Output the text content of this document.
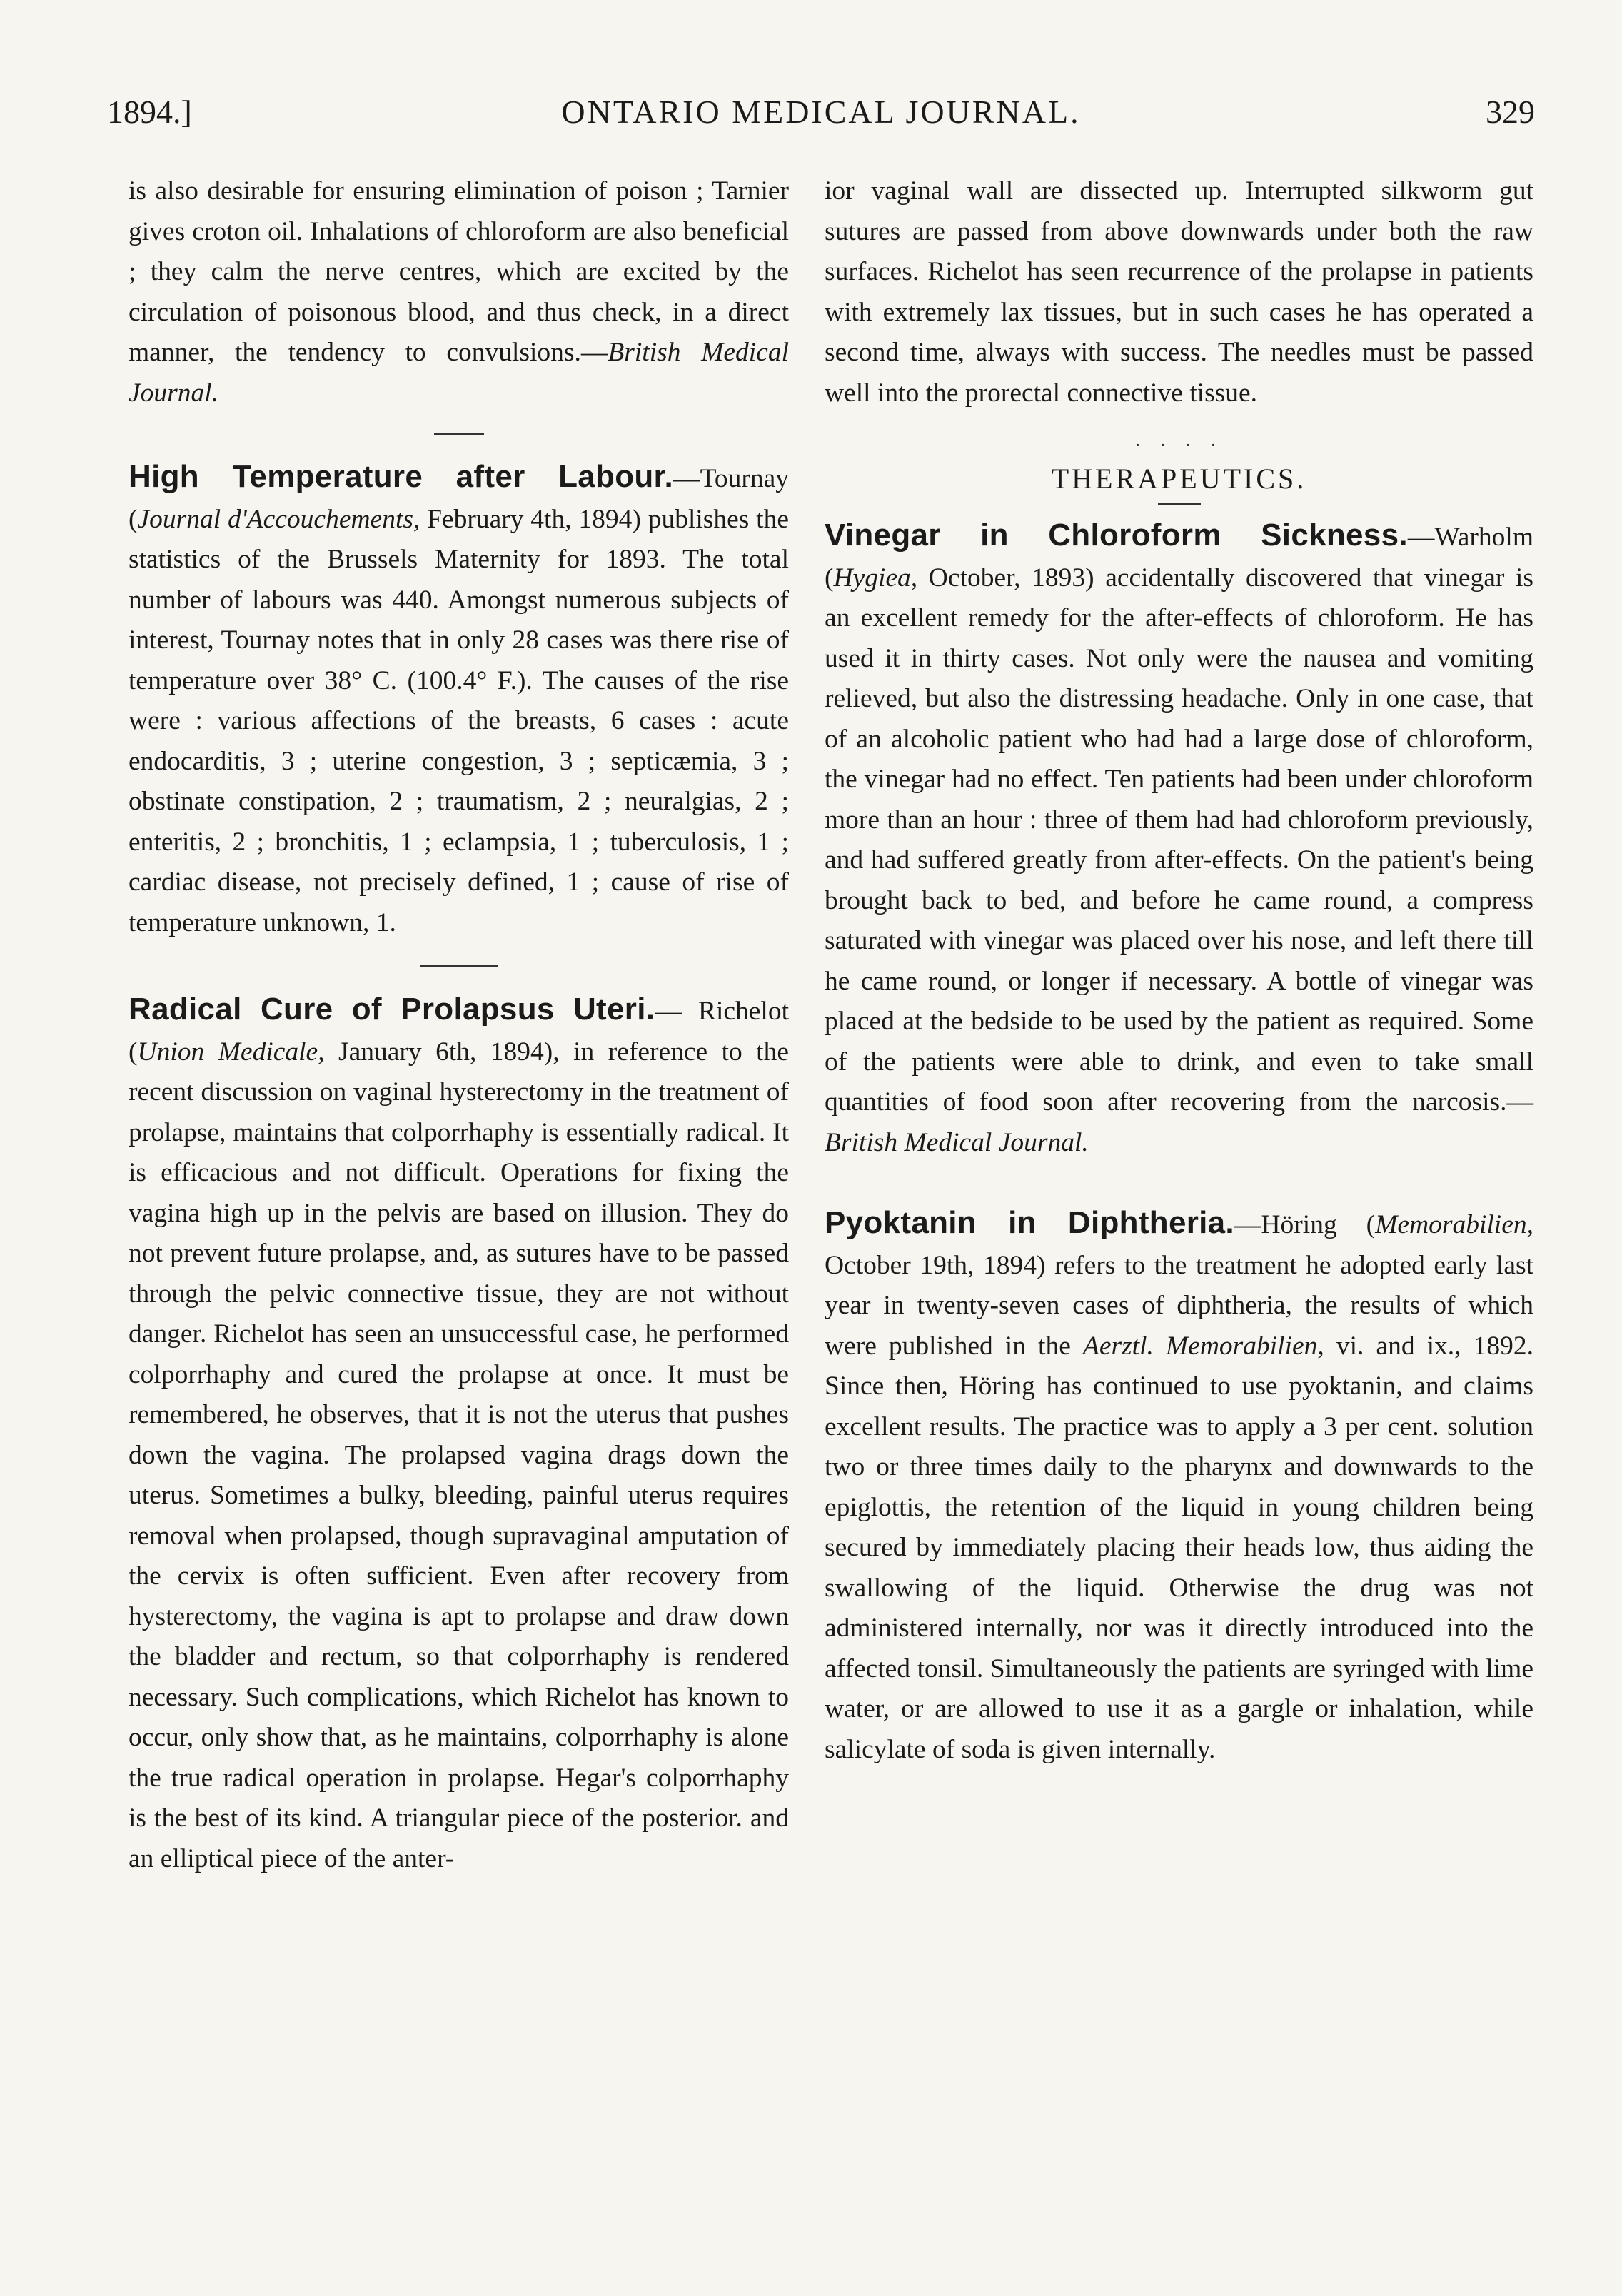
1894.]	ONTARIO MEDICAL JOURNAL.	329

is also desirable for ensuring elimination of poison ; Tarnier gives croton oil. Inhalations of chloroform are also beneficial ; they calm the nerve centres, which are excited by the circulation of poisonous blood, and thus check, in a direct manner, the tendency to convulsions.—British Medical Journal.

High Temperature after Labour.—Tournay (Journal d'Accouchements, February 4th, 1894) publishes the statistics of the Brussels Maternity for 1893. The total number of labours was 440. Amongst numerous subjects of interest, Tournay notes that in only 28 cases was there rise of temperature over 38° C. (100.4° F.). The causes of the rise were : various affections of the breasts, 6 cases : acute endocarditis, 3 ; uterine congestion, 3 ; septicæmia, 3 ; obstinate constipation, 2 ; traumatism, 2 ; neuralgias, 2 ; enteritis, 2 ; bronchitis, 1 ; eclampsia, 1 ; tuberculosis, 1 ; cardiac disease, not precisely defined, 1 ; cause of rise of temperature unknown, 1.

Radical Cure of Prolapsus Uteri.— Richelot (Union Medicale, January 6th, 1894), in reference to the recent discussion on vaginal hysterectomy in the treatment of prolapse, maintains that colporrhaphy is essentially radical. It is efficacious and not difficult. Operations for fixing the vagina high up in the pelvis are based on illusion. They do not prevent future prolapse, and, as sutures have to be passed through the pelvic connective tissue, they are not without danger. Richelot has seen an unsuccessful case, he performed colporrhaphy and cured the prolapse at once. It must be remembered, he observes, that it is not the uterus that pushes down the vagina. The prolapsed vagina drags down the uterus. Sometimes a bulky, bleeding, painful uterus requires removal when prolapsed, though supravaginal amputation of the cervix is often sufficient. Even after recovery from hysterectomy, the vagina is apt to prolapse and draw down the bladder and rectum, so that colporrhaphy is rendered necessary. Such complications, which Richelot has known to occur, only show that, as he maintains, colporrhaphy is alone the true radical operation in prolapse. Hegar's colporrhaphy is the best of its kind. A triangular piece of the posterior. and an elliptical piece of the anter-

ior vaginal wall are dissected up. Interrupted silkworm gut sutures are passed from above downwards under both the raw surfaces. Richelot has seen recurrence of the prolapse in patients with extremely lax tissues, but in such cases he has operated a second time, always with success. The needles must be passed well into the prorectal connective tissue.

· · · ·

THERAPEUTICS.

Vinegar in Chloroform Sickness.—Warholm (Hygiea, October, 1893) accidentally discovered that vinegar is an excellent remedy for the after-effects of chloroform. He has used it in thirty cases. Not only were the nausea and vomiting relieved, but also the distressing headache. Only in one case, that of an alcoholic patient who had had a large dose of chloroform, the vinegar had no effect. Ten patients had been under chloroform more than an hour : three of them had had chloroform previously, and had suffered greatly from after-effects. On the patient's being brought back to bed, and before he came round, a compress saturated with vinegar was placed over his nose, and left there till he came round, or longer if necessary. A bottle of vinegar was placed at the bedside to be used by the patient as required. Some of the patients were able to drink, and even to take small quantities of food soon after recovering from the narcosis.—British Medical Journal.

Pyoktanin in Diphtheria.—Höring (Memorabilien, October 19th, 1894) refers to the treatment he adopted early last year in twenty-seven cases of diphtheria, the results of which were published in the Aerztl. Memorabilien, vi. and ix., 1892. Since then, Höring has continued to use pyoktanin, and claims excellent results. The practice was to apply a 3 per cent. solution two or three times daily to the pharynx and downwards to the epiglottis, the retention of the liquid in young children being secured by immediately placing their heads low, thus aiding the swallowing of the liquid. Otherwise the drug was not administered internally, nor was it directly introduced into the affected tonsil. Simultaneously the patients are syringed with lime water, or are allowed to use it as a gargle or inhalation, while salicylate of soda is given internally.
